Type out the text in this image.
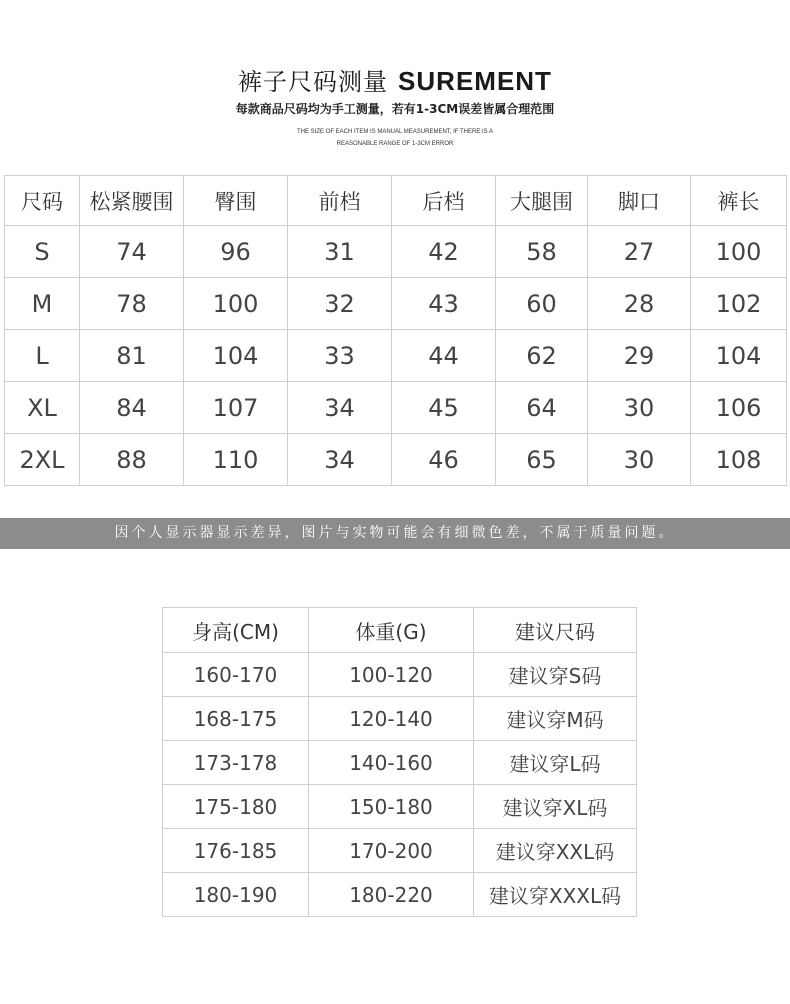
裤子尺码测量 SUREMENT
每款商品尺码均为手工测量，若有1-3CM误差皆属合理范围
THE SIZE OF EACH ITEM IS MANUAL MEASUREMENT, IF THERE IS A
REASONABLE RANGE OF 1-3CM ERROR
尺码	松紧腰围	臀围	前档	后档	大腿围	脚口	裤长
S	74	96	31	42	58	27	100
M	78	100	32	43	60	28	102
L	81	104	33	44	62	29	104
XL	84	107	34	45	64	30	106
2XL	88	110	34	46	65	30	108
因个人显示器显示差异，图片与实物可能会有细微色差，不属于质量问题。
身高(CM)	体重(G)	建议尺码
160-170	100-120	建议穿S码
168-175	120-140	建议穿M码
173-178	140-160	建议穿L码
175-180	150-180	建议穿XL码
176-185	170-200	建议穿XXL码
180-190	180-220	建议穿XXXL码
